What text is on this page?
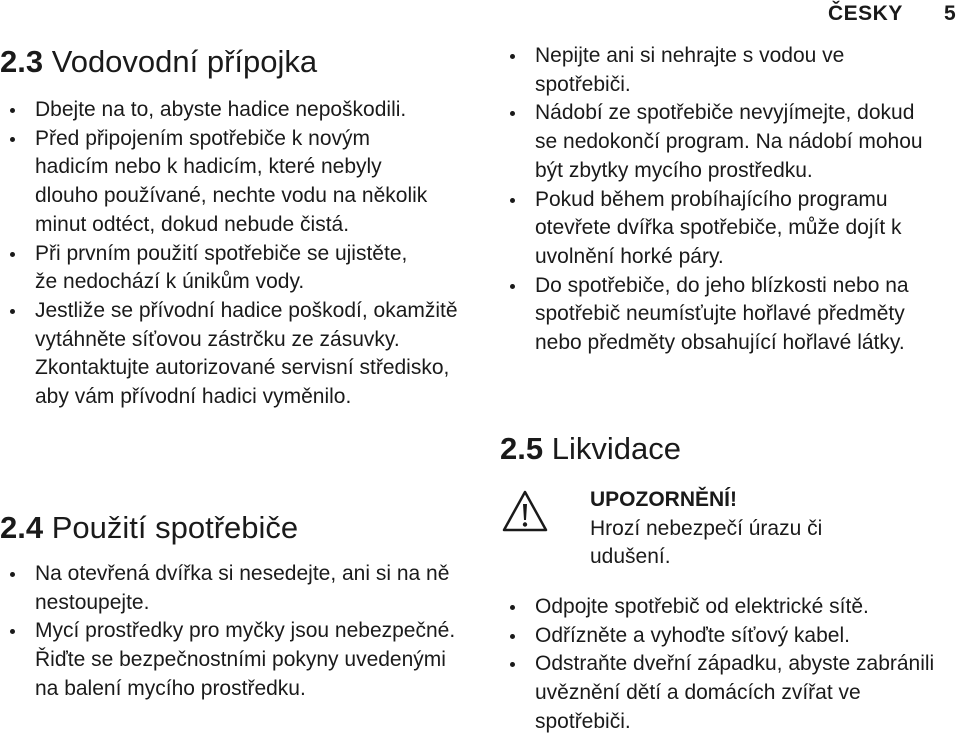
ČESKY 5
2.3 Vodovodní přípojka
Dbejte na to, abyste hadice nepoškodili.
Před připojením spotřebiče k novým hadicím nebo k hadicím, které nebyly dlouho používané, nechte vodu na několik minut odtéct, dokud nebude čistá.
Při prvním použití spotřebiče se ujistěte, že nedochází k únikům vody.
Jestliže se přívodní hadice poškodí, okamžitě vytáhněte síťovou zástrčku ze zásuvky. Zkontaktujte autorizované servisní středisko, aby vám přívodní hadici vyměnilo.
2.4 Použití spotřebiče
Na otevřená dvířka si nesedejte, ani si na ně nestoupejte.
Mycí prostředky pro myčky jsou nebezpečné. Řiďte se bezpečnostními pokyny uvedenými na balení mycího prostředku.
Nepijte ani si nehrajte s vodou ve spotřebiči.
Nádobí ze spotřebiče nevyjímejte, dokud se nedokončí program. Na nádobí mohou být zbytky mycího prostředku.
Pokud během probíhajícího programu otevřete dvířka spotřebiče, může dojít k uvolnění horké páry.
Do spotřebiče, do jeho blízkosti nebo na spotřebič neumísťujte hořlavé předměty nebo předměty obsahující hořlavé látky.
2.5 Likvidace

UPOZORNĚNÍ!

Hrozí nebezpečí úrazu či udušení.

Odpojte spotřebič od elektrické sítě.
Odřízněte a vyhoďte síťový kabel.
Odstraňte dveřní západku, abyste zabránili uvěznění dětí a domácích zvířat ve spotřebiči.
